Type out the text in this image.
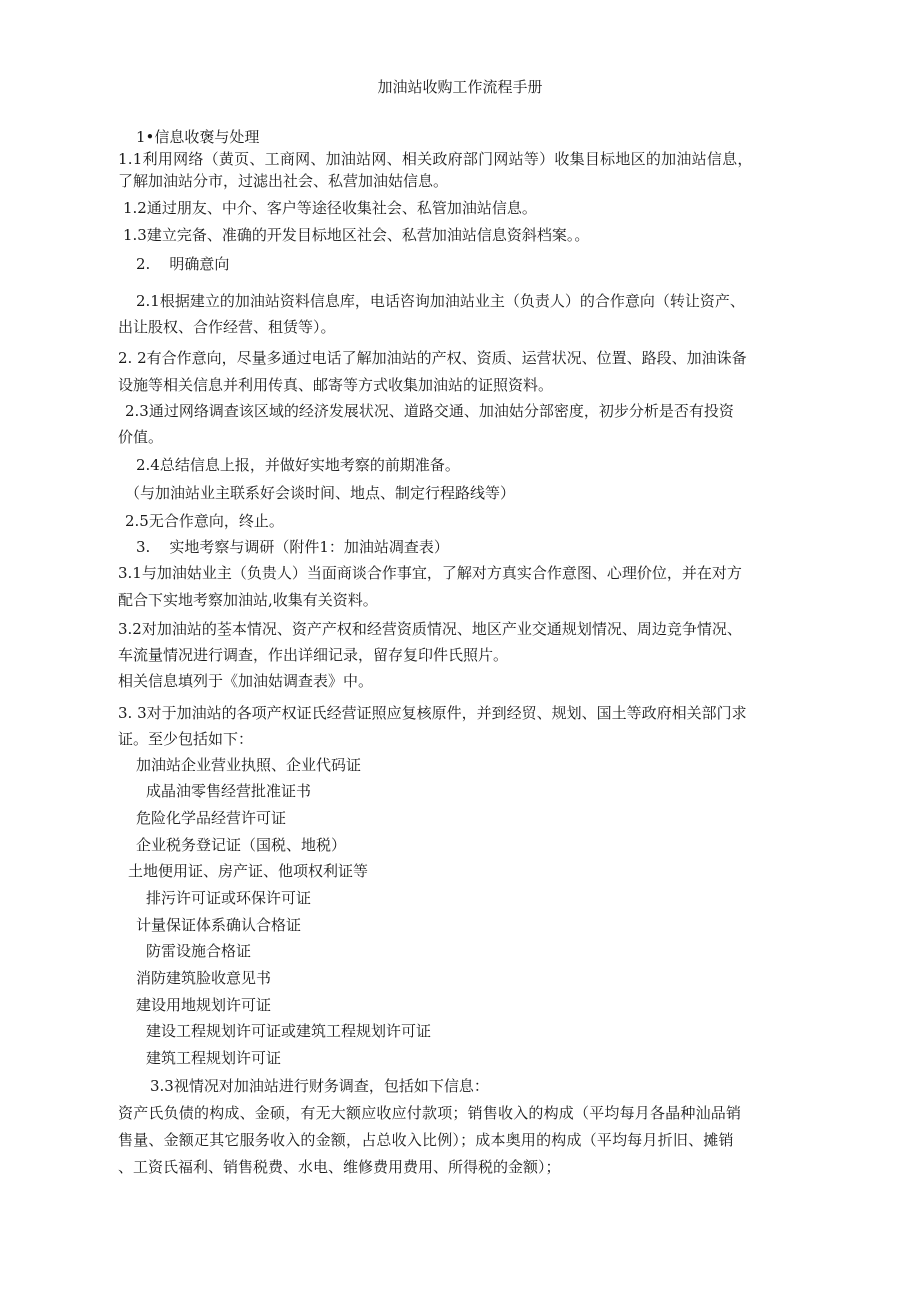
加油站收购工作流程手册
1•信息收褒与处理
1.1利用网络（黄页、工商网、加油站网、相关政府部门网站等）收集目标地区的加油站信息，
了解加油站分市，过滤出社会、私营加油姑信息。
1.2通过朋友、中介、客户等途径收集社会、私管加油站信息。
1.3建立完备、准确的开发目标地区社会、私营加油站信息资斜档案。。
2.    明确意向
2.1根据建立的加油站资料信息库，电话咨询加油站业主（负责人）的合作意向（转让资产、
出让股权、合作经营、租赁等）。
2. 2有合作意向，尽量多通过电话了解加油站的产权、资质、运营状况、位置、路段、加油诛备
设施等相关信息并利用传真、邮寄等方式收集加油站的证照资料。
2.3通过网络调查该区域的经济发展状况、道路交通、加油姑分部密度，初步分析是否有投资
价值。
2.4总结信息上报，并做好实地考察的前期准备。
（与加油站业主联系好会谈时间、地点、制定行程路线等）
2.5无合作意向，终止。
3.    实地考察与调研（附件1：加油站凋查表）
3.1与加油姑业主（负贵人）当面商谈合作事宜，了解对方真实合作意图、心理价位，并在对方
配合下实地考察加油站,收集有关资料。
3.2对加油站的荃本情况、资产产权和经营资质情况、地区产业交通规划情况、周边竞争情况、
车流量情况进行调查，作出详细记录，留存复印件氏照片。
相关信息填列于《加油姑调查表》中。
3. 3对于加油站的各项产权证氏经营证照应复核原件，并到经贸、规划、国土等政府相关部门求
证。至少包括如下：
加油站企业营业执照、企业代码证
成晶油零售经营批准证书
危险化学品经营许可证
企业税务登记证（国税、地税）
土地便用证、房产证、他项权利证等
排污许可证或环保许可证
计量保证体系确认合格证
防雷设施合格证
消防建筑脸收意见书
建设用地规划许可证
建设工程规划许可证或建筑工程规划许可证
建筑工程规划许可证
3.3视情况对加油站进行财务调查，包括如下信息：
资产氏负债的构成、金硕，有无大额应收应付款项；销售收入的构成（平均每月各晶种汕品销
售量、金额疋其它服务收入的金额，占总收入比例）；成本奥用的构成（平均每月折旧、摊销
、工资氏福利、销售税费、水电、维修费用费用、所得税的金额）；
